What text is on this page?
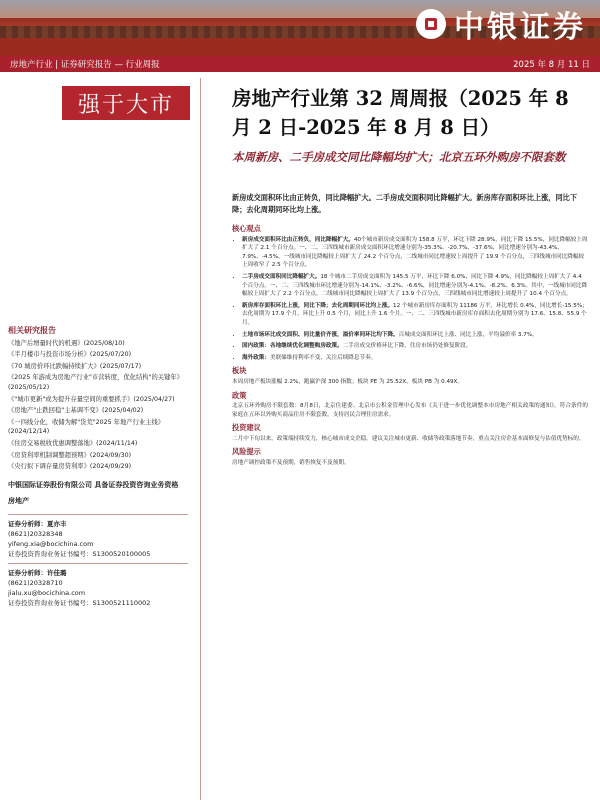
中银证券
房地产行业 | 证券研究报告 — 行业周报	2025 年 8 月 11 日
强于大市	房地产行业第 32 周周报（2025 年 8 月 2 日-2025 年 8 月 8 日）
本周新房、二手房成交同比降幅均扩大；北京五环外购房不限套数
新房成交面积环比由正转负，同比降幅扩大。二手房成交面积同比降幅扩大。新房库存面积环比上涨，同比下降；去化周期同环比均上涨。
核心观点
• 新房成交面积环比由正转负，同比降幅扩大。40个城市新房成交面积为 158.8 万平，环比下降 28.9%，同比下降 15.5%，同比降幅较上周扩大了 2.1 个百分点。一、二、三四线城市新房成交面积环比增速分别为-35.3%、-20.7%、-37.6%，同比增速分别为-43.4%、7.9%、-4.5%，一线城市同比降幅较上周扩大了 24.2 个百分点，二线城市同比增速较上周提升了 19.9 个百分点，三四线城市同比降幅较上周收窄了 2.5 个百分点。
• 二手房成交面积同比降幅扩大。18 个城市二手房成交面积为 145.5 万平，环比下降 6.0%，同比下降 4.9%，同比降幅较上周扩大了 4.4 个百分点。一、二、三四线城市环比增速分别为-14.1%、-3.2%、-6.6%，同比增速分别为-4.1%、-8.2%、6.3%。其中，一线城市同比降幅较上周扩大了 2.2 个百分点，二线城市同比降幅较上周扩大了 13.9 个百分点，三四线城市同比增速较上周提升了 10.4 个百分点。
• 新房库存面积环比上涨，同比下降；去化周期同环比均上涨。12 个城市新房库存面积为 11186 万平，环比增长 0.4%，同比增长-15.5%；去化周期为 17.9 个月，环比上升 0.5 个月，同比上升 1.6 个月。一、二、三四线城市新房库存面积去化周期分别为 17.6、15.8、55.9 个月。
• 土地市场环比成交面积、同比量价齐涨，溢价率同环比均下降。百城成交面积环比上涨、同比上涨，平均溢价率 3.7%。
• 国内政策：各地继续优化调整购房政策。二手房成交价格环比下降，住房市场仍处修复阶段。
• 海外政策：美联储维持利率不变，关注后续降息节奏。
板块

本周房地产板块涨幅 2.2%，跑赢沪深 300 指数；板块 PE 为 25.52X，板块 PB 为 0.49X。

政策

北京五环外购房不限套数：8月8日，北京住建委、北京市公积金管理中心发布《关于进一步优化调整本市房地产相关政策的通知》，符合条件的家庭在五环以外购买商品住房不限套数，支持居民合理住房需求。

投资建议

二月中下旬以来，政策端持续发力，核心城市成交企稳。建议关注城市更新、收储等政策落地节奏，重点关注房企基本面修复与估值优势标的。

风险提示

房地产调控政策不及预期，销售恢复不及预期。

相关研究报告
《地产后增量时代的机遇》(2025/08/10)
《半月楼市与投资市场分析》(2025/07/20)
《70 城房价环比跌幅持续扩大》(2025/07/17)
《2025 年游成为房地产行业"市营转度，优化结构"的关键年》(2025/05/12)
《"城市更新"或为提升存量空间的重要抓手》(2025/04/27)
《房地产"止跌回稳"主基调不变》(2025/04/02)
《一四线分化，收储为解"货荒"2025 年地产行业主线》(2024/12/14)
《住房交易税收优惠调整落地》(2024/11/14)
《房贷利率机制调整超预期》(2024/09/30)
《央行拟下调存量房贷利率》(2024/09/29)
中银国际证券股份有限公司 具备证券投资咨询业务资格
房地产
证券分析师：夏亦丰
(8621)20328348
yifeng.xia@bocichina.com
证券投资咨询业务证书编号：S1300520100005
证券分析师：许佳璐
(8621)20328710
jialu.xu@bocichina.com
证券投资咨询业务证书编号：S1300521110002
